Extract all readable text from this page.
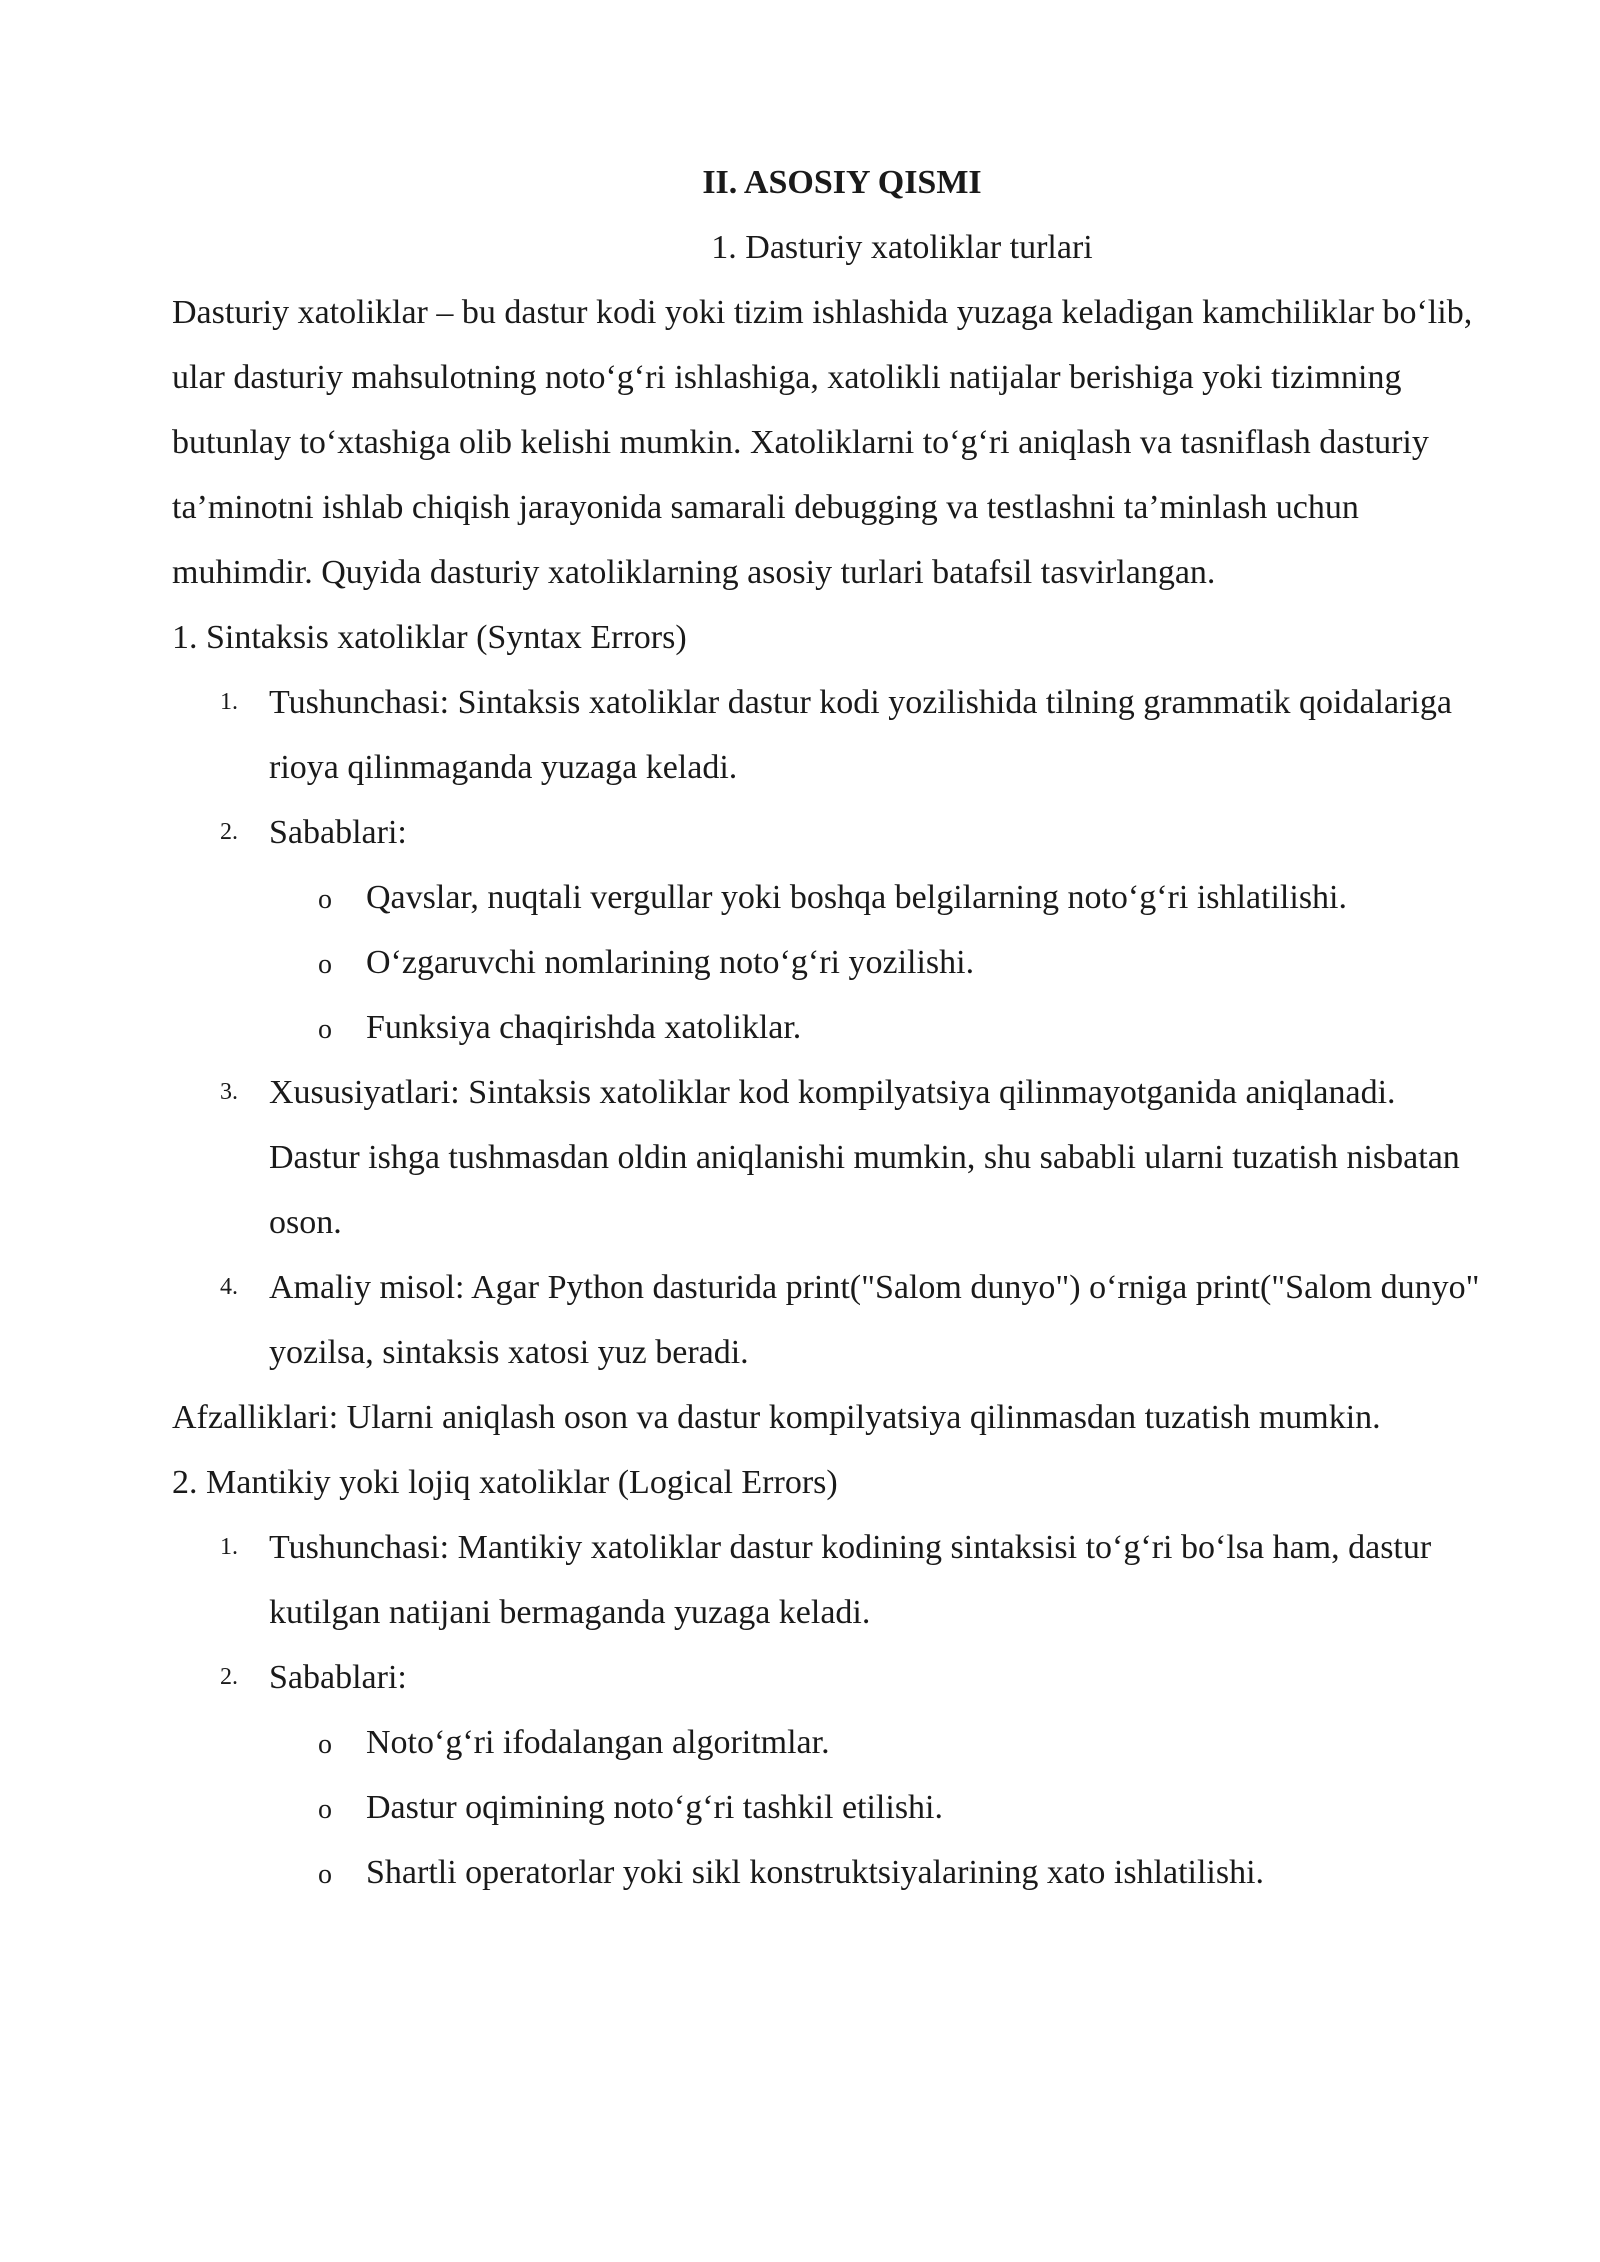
II. ASOSIY QISMI

1. Dasturiy xatoliklar turlari

Dasturiy xatoliklar – bu dastur kodi yoki tizim ishlashida yuzaga keladigan kamchiliklar bo‘lib, ular dasturiy mahsulotning noto‘g‘ri ishlashiga, xatolikli natijalar berishiga yoki tizimning butunlay to‘xtashiga olib kelishi mumkin. Xatoliklarni to‘g‘ri aniqlash va tasniflash dasturiy ta’minotni ishlab chiqish jarayonida samarali debugging va testlashni ta’minlash uchun muhimdir. Quyida dasturiy xatoliklarning asosiy turlari batafsil tasvirlangan.

1. Sintaksis xatoliklar (Syntax Errors)

1. Tushunchasi: Sintaksis xatoliklar dastur kodi yozilishida tilning grammatik qoidalariga rioya qilinmaganda yuzaga keladi.
2. Sabablari:
o Qavslar, nuqtali vergullar yoki boshqa belgilarning noto‘g‘ri ishlatilishi.
o O‘zgaruvchi nomlarining noto‘g‘ri yozilishi.
o Funksiya chaqirishda xatoliklar.
3. Xususiyatlari: Sintaksis xatoliklar kod kompilyatsiya qilinmayotganida aniqlanadi. Dastur ishga tushmasdan oldin aniqlanishi mumkin, shu sababli ularni tuzatish nisbatan oson.
4. Amaliy misol: Agar Python dasturida print("Salom dunyo") o‘rniga print("Salom dunyo" yozilsa, sintaksis xatosi yuz beradi.

Afzalliklari: Ularni aniqlash oson va dastur kompilyatsiya qilinmasdan tuzatish mumkin.

2. Mantikiy yoki lojiq xatoliklar (Logical Errors)

1. Tushunchasi: Mantikiy xatoliklar dastur kodining sintaksisi to‘g‘ri bo‘lsa ham, dastur kutilgan natijani bermaganda yuzaga keladi.
2. Sabablari:
o Noto‘g‘ri ifodalangan algoritmlar.
o Dastur oqimining noto‘g‘ri tashkil etilishi.
o Shartli operatorlar yoki sikl konstruktsiyalarining xato ishlatilishi.
